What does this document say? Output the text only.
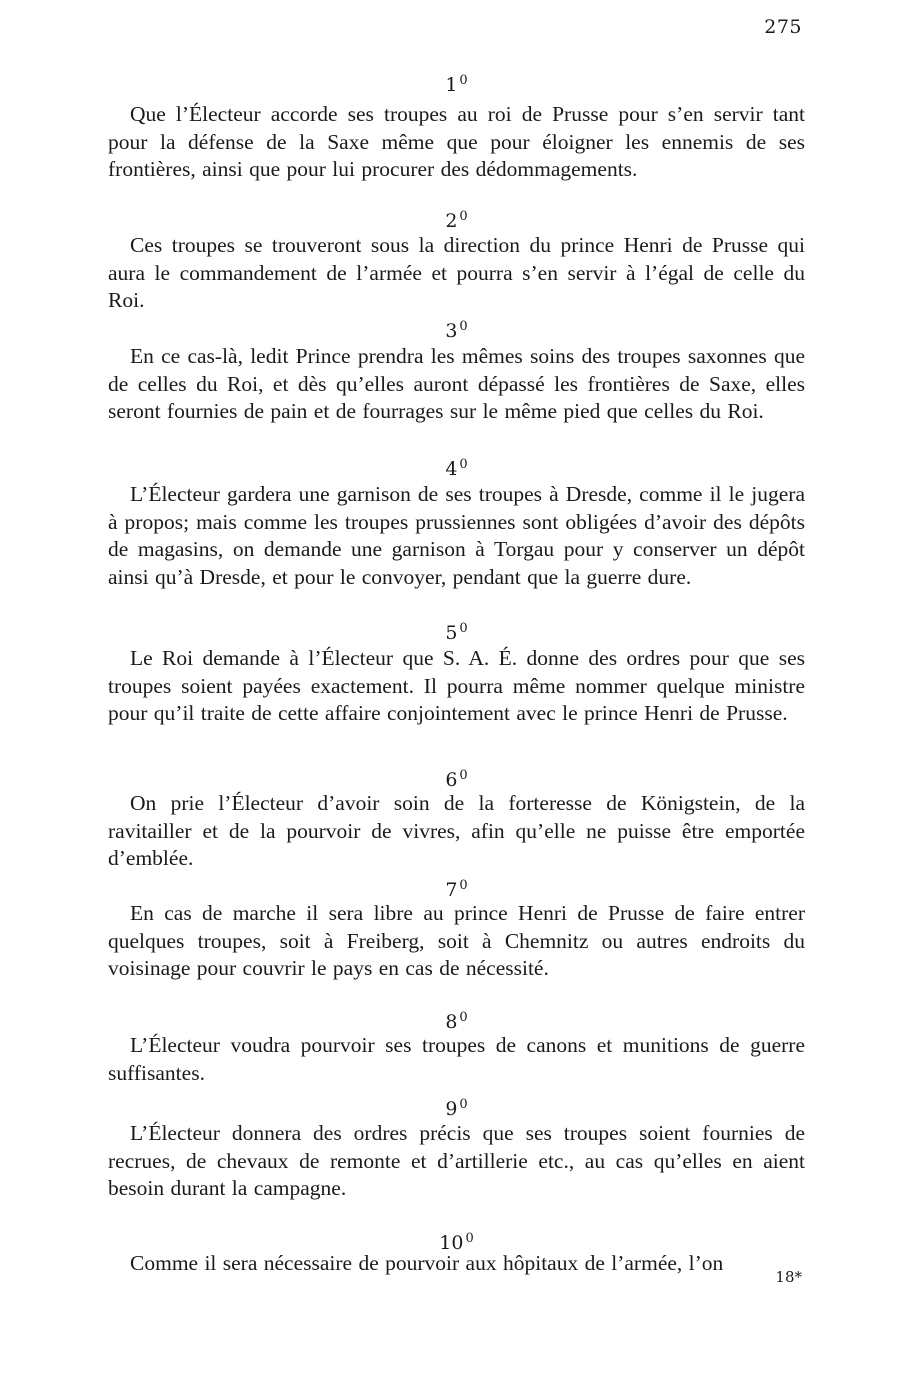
275
1 $^0$

Que l’Électeur accorde ses troupes au roi de Prusse pour s’en servir tant pour la défense de la Saxe même que pour éloigner les ennemis de ses frontières, ainsi que pour lui procurer des dédommagements.

2 $^0$

Ces troupes se trouveront sous la direction du prince Henri de Prusse qui aura le commandement de l’armée et pourra s’en servir à l’égal de celle du Roi.

3 $^0$

En ce cas-là, ledit Prince prendra les mêmes soins des troupes saxonnes que de celles du Roi, et dès qu’elles auront dépassé les frontières de Saxe, elles seront fournies de pain et de fourrages sur le même pied que celles du Roi.

4 $^0$

L’Électeur gardera une garnison de ses troupes à Dresde, comme il le jugera à propos; mais comme les troupes prussiennes sont obligées d’avoir des dépôts de magasins, on demande une garnison à Torgau pour y conserver un dépôt ainsi qu’à Dresde, et pour le convoyer, pendant que la guerre dure.

5 $^0$

Le Roi demande à l’Électeur que S. A. É. donne des ordres pour que ses troupes soient payées exactement. Il pourra même nommer quelque ministre pour qu’il traite de cette affaire conjointement avec le prince Henri de Prusse.

6 $^0$

On prie l’Électeur d’avoir soin de la forteresse de Königstein, de la ravitailler et de la pourvoir de vivres, afin qu’elle ne puisse être emportée d’emblée.

7 $^0$

En cas de marche il sera libre au prince Henri de Prusse de faire entrer quelques troupes, soit à Freiberg, soit à Chemnitz ou autres endroits du voisinage pour couvrir le pays en cas de nécessité.

8 $^0$

L’Électeur voudra pourvoir ses troupes de canons et munitions de guerre suffisantes.

9 $^0$

L’Électeur donnera des ordres précis que ses troupes soient fournies de recrues, de chevaux de remonte et d’artillerie etc., au cas qu’elles en aient besoin durant la campagne.

10 $^0$

Comme il sera nécessaire de pourvoir aux hôpitaux de l’armée, l’on

18*
